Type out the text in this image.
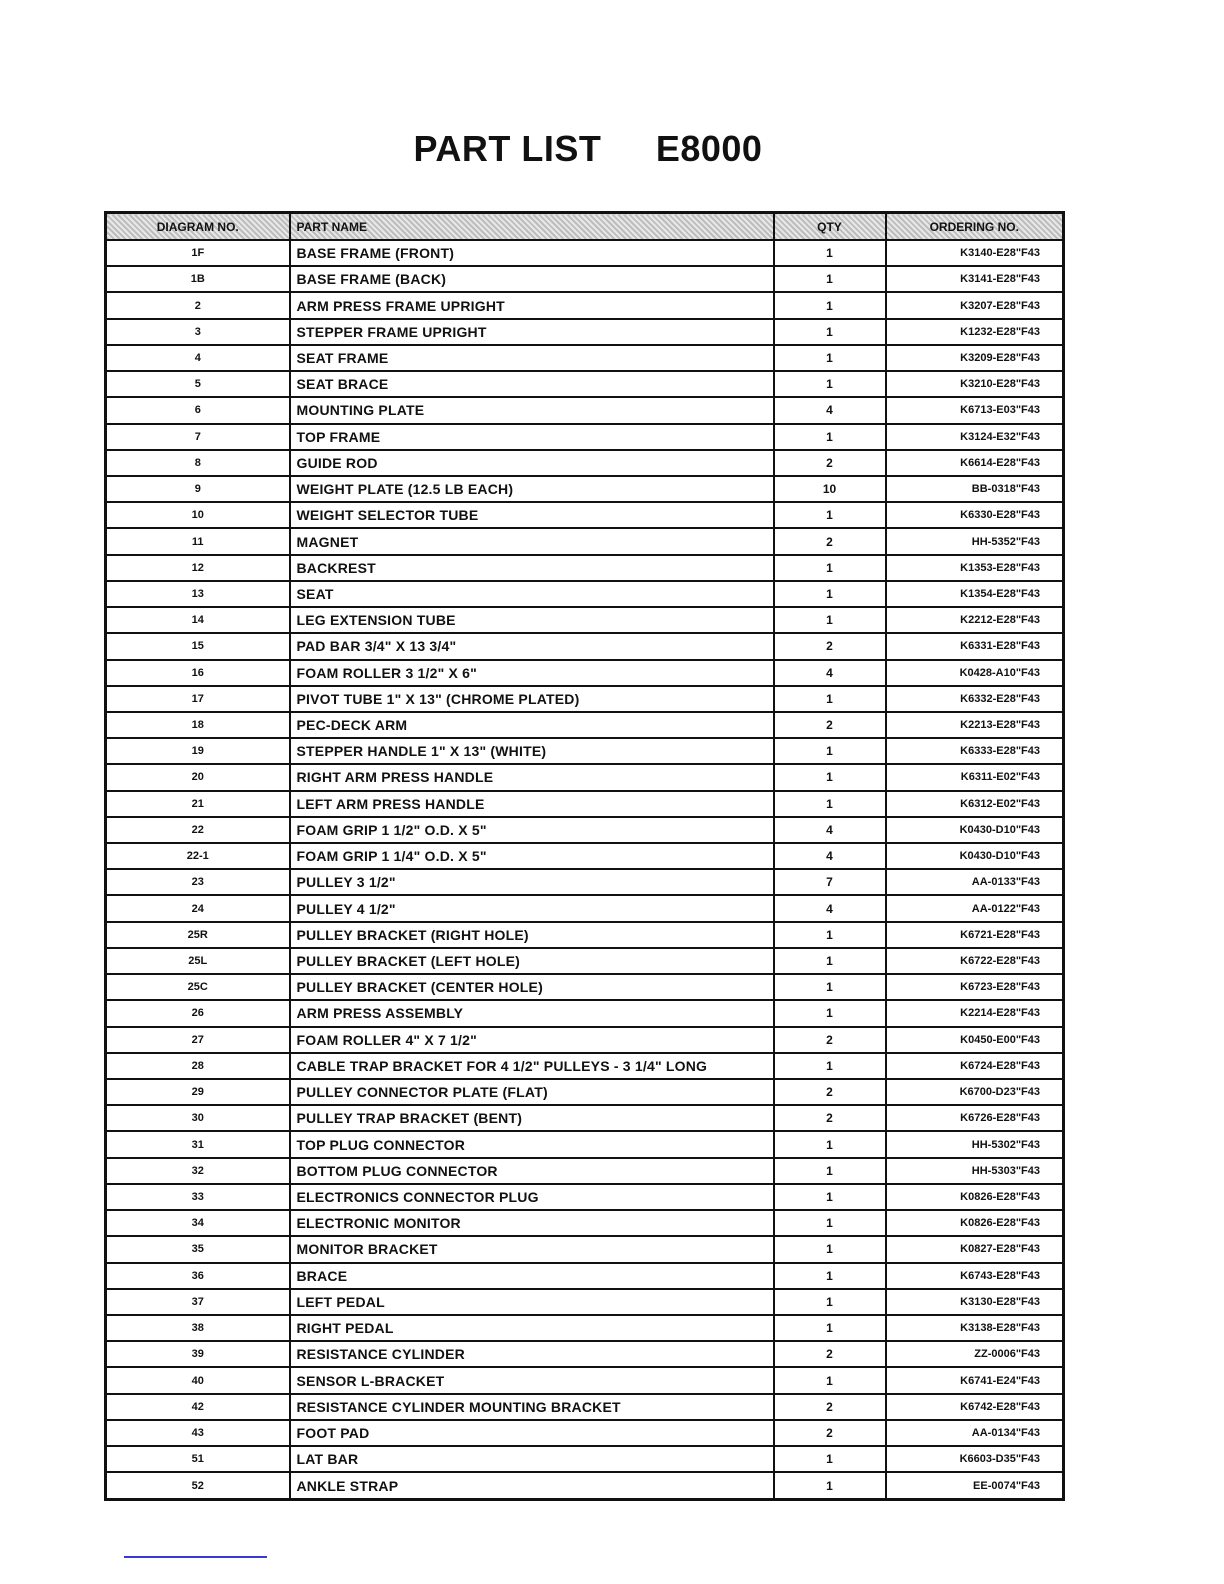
PART LIST E8000
DIAGRAM NO.	PART NAME	QTY	ORDERING NO.
1F	BASE FRAME (FRONT)	1	K3140-E28"F43
1B	BASE FRAME (BACK)	1	K3141-E28"F43
2	ARM PRESS FRAME UPRIGHT	1	K3207-E28"F43
3	STEPPER FRAME UPRIGHT	1	K1232-E28"F43
4	SEAT FRAME	1	K3209-E28"F43
5	SEAT BRACE	1	K3210-E28"F43
6	MOUNTING PLATE	4	K6713-E03"F43
7	TOP FRAME	1	K3124-E32"F43
8	GUIDE ROD	2	K6614-E28"F43
9	WEIGHT PLATE (12.5 LB EACH)	10	BB-0318"F43
10	WEIGHT SELECTOR TUBE	1	K6330-E28"F43
11	MAGNET	2	HH-5352"F43
12	BACKREST	1	K1353-E28"F43
13	SEAT	1	K1354-E28"F43
14	LEG EXTENSION TUBE	1	K2212-E28"F43
15	PAD BAR 3/4" X 13 3/4"	2	K6331-E28"F43
16	FOAM ROLLER 3 1/2" X 6"	4	K0428-A10"F43
17	PIVOT TUBE 1" X 13" (CHROME PLATED)	1	K6332-E28"F43
18	PEC-DECK ARM	2	K2213-E28"F43
19	STEPPER HANDLE 1" X 13" (WHITE)	1	K6333-E28"F43
20	RIGHT ARM PRESS HANDLE	1	K6311-E02"F43
21	LEFT ARM PRESS HANDLE	1	K6312-E02"F43
22	FOAM GRIP 1 1/2" O.D. X 5"	4	K0430-D10"F43
22-1	FOAM GRIP 1 1/4" O.D. X 5"	4	K0430-D10"F43
23	PULLEY 3 1/2"	7	AA-0133"F43
24	PULLEY 4 1/2"	4	AA-0122"F43
25R	PULLEY BRACKET (RIGHT HOLE)	1	K6721-E28"F43
25L	PULLEY BRACKET (LEFT HOLE)	1	K6722-E28"F43
25C	PULLEY BRACKET (CENTER HOLE)	1	K6723-E28"F43
26	ARM PRESS ASSEMBLY	1	K2214-E28"F43
27	FOAM ROLLER 4" X 7 1/2"	2	K0450-E00"F43
28	CABLE TRAP BRACKET FOR 4 1/2" PULLEYS - 3 1/4" LONG	1	K6724-E28"F43
29	PULLEY CONNECTOR PLATE (FLAT)	2	K6700-D23"F43
30	PULLEY TRAP BRACKET (BENT)	2	K6726-E28"F43
31	TOP PLUG CONNECTOR	1	HH-5302"F43
32	BOTTOM PLUG CONNECTOR	1	HH-5303"F43
33	ELECTRONICS CONNECTOR PLUG	1	K0826-E28"F43
34	ELECTRONIC MONITOR	1	K0826-E28"F43
35	MONITOR BRACKET	1	K0827-E28"F43
36	BRACE	1	K6743-E28"F43
37	LEFT PEDAL	1	K3130-E28"F43
38	RIGHT PEDAL	1	K3138-E28"F43
39	RESISTANCE CYLINDER	2	ZZ-0006"F43
40	SENSOR L-BRACKET	1	K6741-E24"F43
42	RESISTANCE CYLINDER MOUNTING BRACKET	2	K6742-E28"F43
43	FOOT PAD	2	AA-0134"F43
51	LAT BAR	1	K6603-D35"F43
52	ANKLE STRAP	1	EE-0074"F43
